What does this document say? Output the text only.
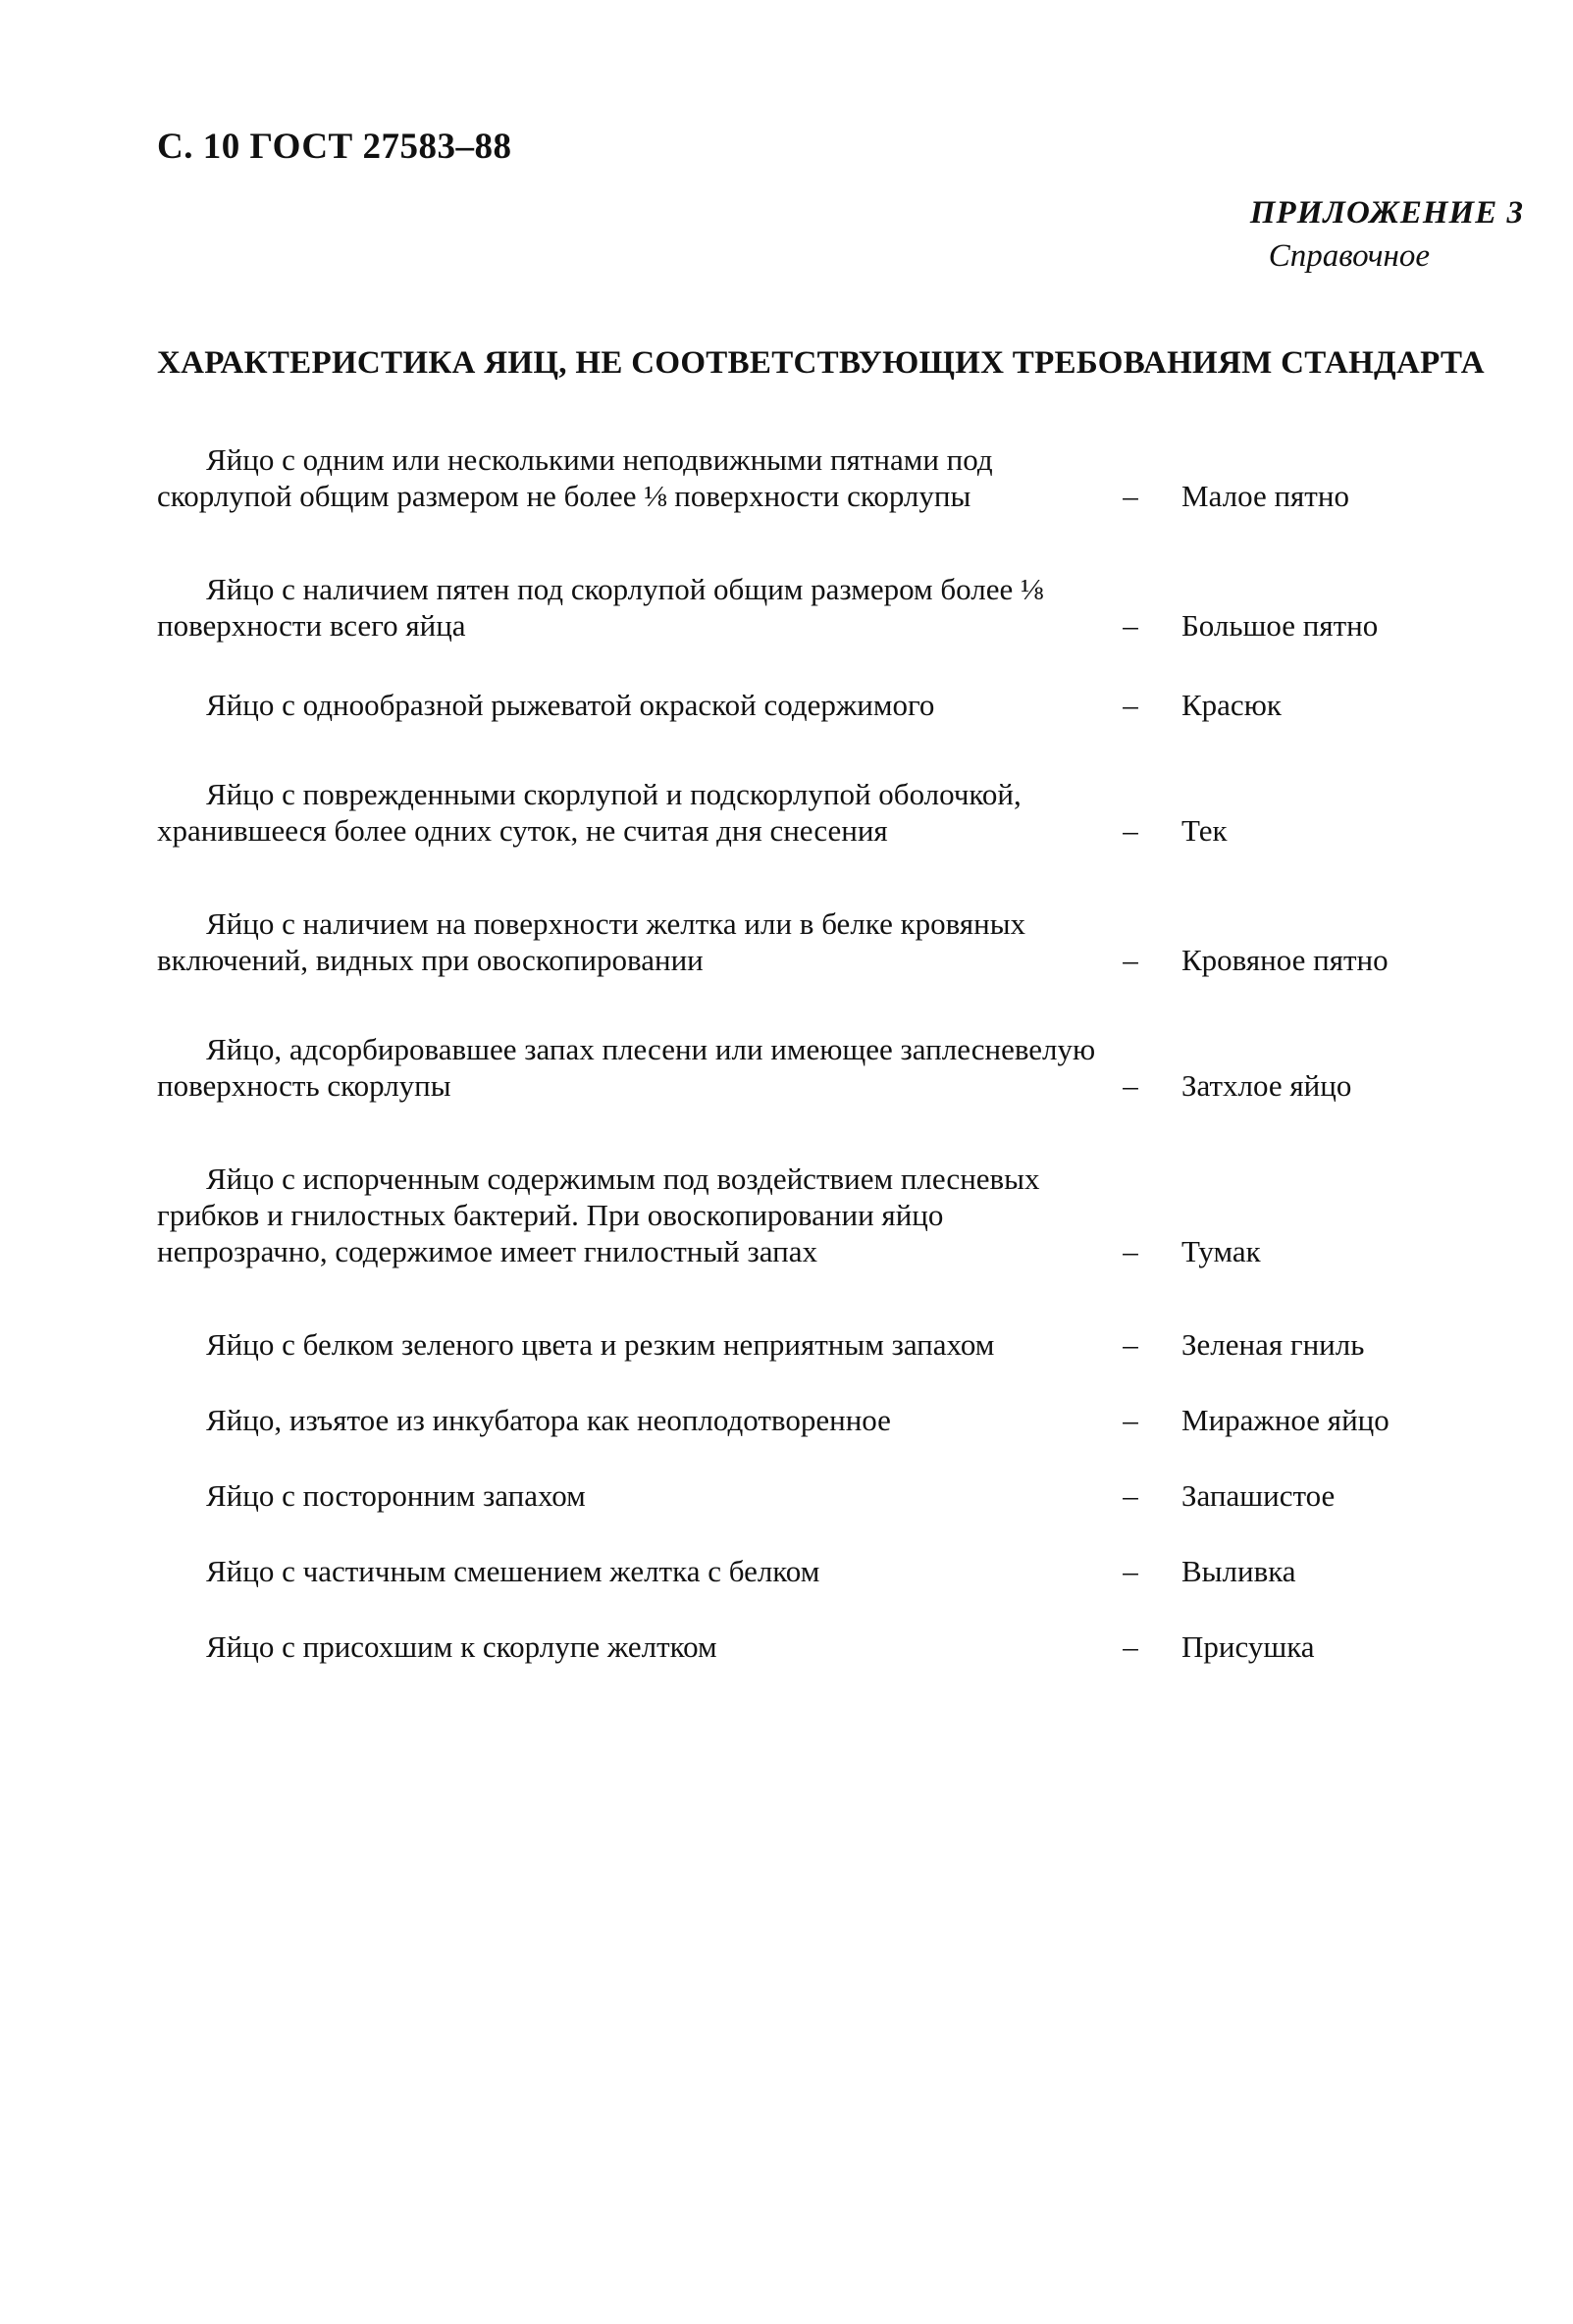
С. 10 ГОСТ 27583–88
ПРИЛОЖЕНИЕ 3
Справочное
ХАРАКТЕРИСТИКА ЯИЦ, НЕ СООТВЕТСТВУЮЩИХ ТРЕБОВАНИЯМ СТАНДАРТА
Яйцо с одним или несколькими неподвижными пятнами под скорлупой общим размером не более ⅛ поверхности скорлупы	–	Малое пятно
Яйцо с наличием пятен под скорлупой общим размером более ⅛ поверхности всего яйца	–	Большое пятно
Яйцо с однообразной рыжеватой окраской содержимого	–	Красюк
Яйцо с поврежденными скорлупой и подскорлупой оболочкой, хранившееся более одних суток, не считая дня снесения	–	Тек
Яйцо с наличием на поверхности желтка или в белке кровяных включений, видных при овоскопировании	–	Кровяное пятно
Яйцо, адсорбировавшее запах плесени или имеющее заплесневелую поверхность скорлупы	–	Затхлое яйцо
Яйцо с испорченным содержимым под воздействием плесневых грибков и гнилостных бактерий. При овоскопировании яйцо непрозрачно, содержимое имеет гнилостный запах	–	Тумак
Яйцо с белком зеленого цвета и резким неприятным запахом	–	Зеленая гниль
Яйцо, изъятое из инкубатора как неоплодотворенное	–	Миражное яйцо
Яйцо с посторонним запахом	–	Запашистое
Яйцо с частичным смешением желтка с белком	–	Выливка
Яйцо с присохшим к скорлупе желтком	–	Присушка
